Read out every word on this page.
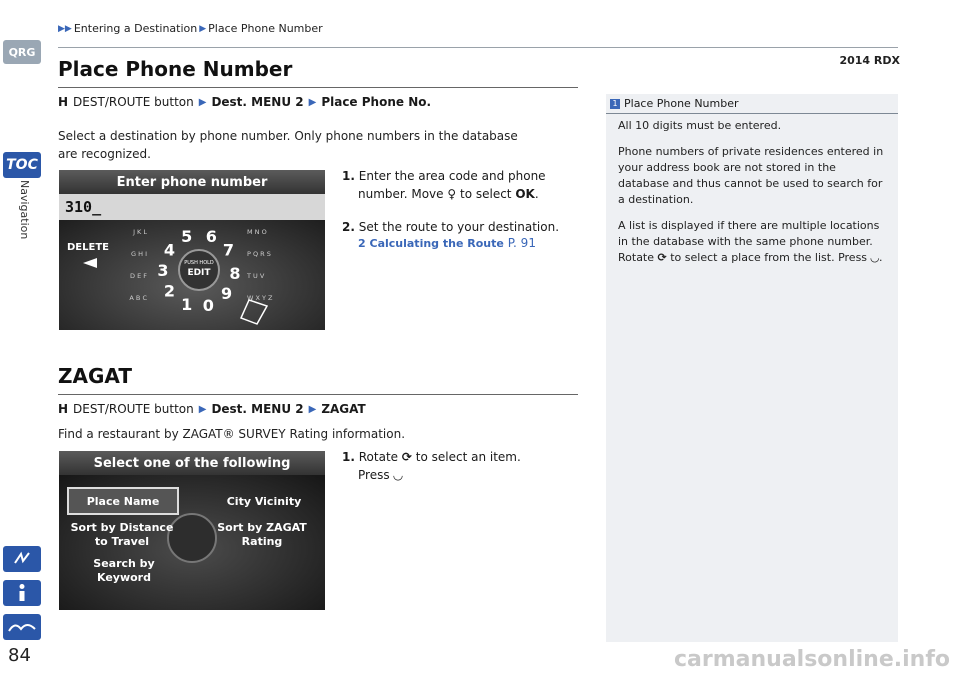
QRG
TOC
Navigation
84
▶▶ Entering a Destination ▶ Place Phone Number
2014 RDX
Place Phone Number
H DEST/ROUTE button ▶ Dest. MENU 2 ▶ Place Phone No.
Select a destination by phone number. Only phone numbers in the database
are recognized.
Enter phone number
310_
DELETE
PUSH HOLD
EDIT
5 6
7
8
9
0
1
2
3
4
J K L	M N O
G H I	P Q R S
D E F	T U V
A B C	W X Y Z
1. Enter the area code and phone
number. Move ♀ to select OK.
2. Set the route to your destination.
2 Calculating the Route P. 91
ZAGAT
H DEST/ROUTE button ▶ Dest. MENU 2 ▶ ZAGAT
Find a restaurant by ZAGAT® SURVEY Rating information.
Select one of the following
Place Name	City Vicinity
Sort by Distance to Travel
Sort by ZAGAT Rating
Search by Keyword
1. Rotate ⟳ to select an item.
Press ◡
1 Place Phone Number

All 10 digits must be entered.

Phone numbers of private residences entered in your address book are not stored in the database and thus cannot be used to search for a destination.

A list is displayed if there are multiple locations in the database with the same phone number. Rotate ⟳ to select a place from the list. Press ◡.

carmanualsonline.info
